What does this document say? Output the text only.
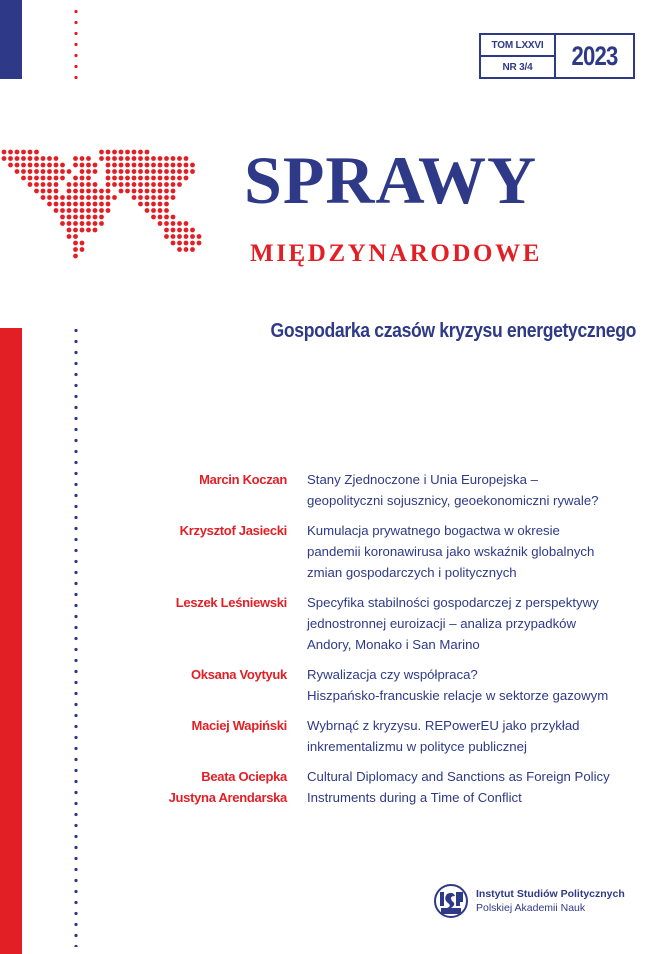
TOM LXXVI
NR 3/4	2023
SPRAWY
MIĘDZYNARODOWE
Gospodarka czasów kryzysu energetycznego
Marcin Koczan Stany Zjednoczone i Unia Europejska –
geopolityczni sojusznicy, geoekonomiczni rywale?
Krzysztof Jasiecki Kumulacja prywatnego bogactwa w okresie
pandemii koronawirusa jako wskaźnik globalnych
zmian gospodarczych i politycznych
Leszek Leśniewski Specyfika stabilności gospodarczej z perspektywy
jednostronnej euroizacji – analiza przypadków
Andory, Monako i San Marino
Oksana Voytyuk Rywalizacja czy współpraca?
Hiszpańsko-francuskie relacje w sektorze gazowym
Maciej Wapiński Wybrnąć z kryzysu. REPowerEU jako przykład
inkrementalizmu w polityce publicznej
Beata Ociepka
Justyna Arendarska
Cultural Diplomacy and Sanctions as Foreign Policy
Instruments during a Time of Conflict
Instytut Studiów Politycznych
Polskiej Akademii Nauk
